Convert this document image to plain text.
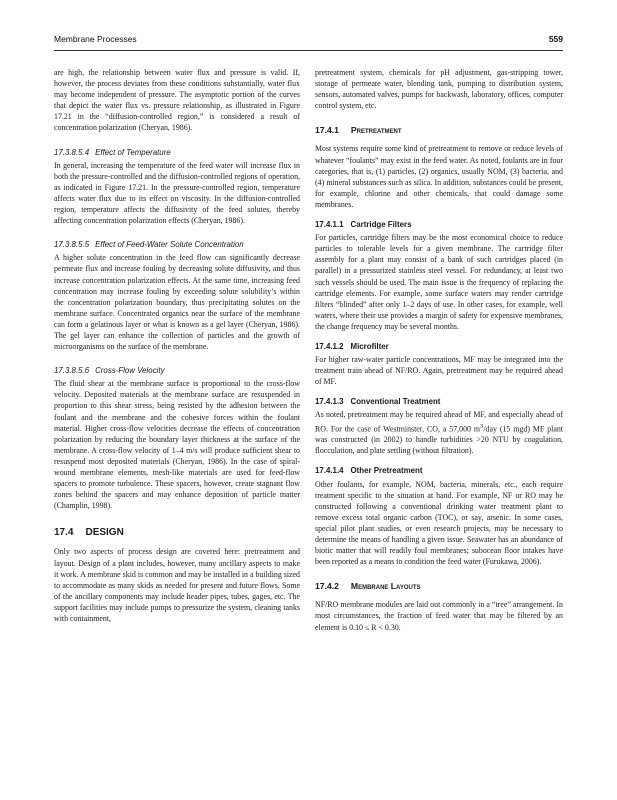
Membrane Processes	559

are high, the relationship between water flux and pressure is valid. If, however, the process deviates from these conditions substantially, water flux may become independent of pressure. The asymptotic portion of the curves that depict the water flux vs. pressure relationship, as illustrated in Figure 17.21 in the “diffusion-controlled region,” is considered a result of concentration polarization (Cheryan, 1986).

17.3.8.5.4 Effect of Temperature

In general, increasing the temperature of the feed water will increase flux in both the pressure-controlled and the diffusion-controlled regions of operation, as indicated in Figure 17.21. In the pressure-controlled region, temperature affects water flux due to its effect on viscosity. In the diffusion-controlled region, temperature affects the diffusivity of the feed solutes, thereby affecting concentration polarization effects (Cheryan, 1986).

17.3.8.5.5 Effect of Feed-Water Solute Concentration

A higher solute concentration in the feed flow can significantly decrease permeate flux and increase fouling by decreasing solute diffusivity, and thus increase concentration polarization effects. At the same time, increasing feed concentration may increase fouling by exceeding solute solubility’s within the concentration polarization boundary, thus precipitating solutes on the membrane surface. Concentrated organics near the surface of the membrane can form a gelatinous layer or what is known as a gel layer (Cheryan, 1986). The gel layer can enhance the collection of particles and the growth of microorganisms on the surface of the membrane.

17.3.8.5.6 Cross-Flow Velocity

The fluid shear at the membrane surface is proportional to the cross-flow velocity. Deposited materials at the membrane surface are resuspended in proportion to this shear stress, being resisted by the adhesion between the foulant and the membrane and the cohesive forces within the foulant material. Higher cross-flow velocities decrease the effects of concentration polarization by reducing the boundary layer thickness at the surface of the membrane. A cross-flow velocity of 1–4 m/s will produce sufficient shear to resuspend most deposited materials (Cheryan, 1986). In the case of spiral-wound membrane elements, mesh-like materials are used for feed-flow spacers to promote turbulence. These spacers, however, create stagnant flow zones behind the spacers and may enhance deposition of particle matter (Champlin, 1998).

17.4 DESIGN

Only two aspects of process design are covered here: pretreatment and layout. Design of a plant includes, however, many ancillary aspects to make it work. A membrane skid is common and may be installed in a building sized to accommodate as many skids as needed for present and future flows. Some of the ancillary components may include header pipes, tubes, gages, etc. The support facilities may include pumps to pressurize the system, cleaning tanks with containment,

pretreatment system, chemicals for pH adjustment, gas-stripping tower, storage of permeate water, blending tank, pumping to distribution system, sensors, automated valves, pumps for backwash, laboratory, offices, computer control system, etc.

17.4.1 Pretreatment

Most systems require some kind of pretreatment to remove or reduce levels of whatever “foulants” may exist in the feed water. As noted, foulants are in four categories, that is, (1) particles, (2) organics, usually NOM, (3) bacteria, and (4) mineral substances such as silica. In addition, substances could be present, for example, chlorine and other chemicals, that could damage some membranes.

17.4.1.1 Cartridge Filters

For particles, cartridge filters may be the most economical choice to reduce particles to tolerable levels for a given membrane. The cartridge filter assembly for a plant may consist of a bank of such cartridges placed (in parallel) in a pressurized stainless steel vessel. For redundancy, at least two such vessels should be used. The main issue is the frequency of replacing the cartridge elements. For example, some surface waters may render cartridge filters “blinded” after only 1–2 days of use. In other cases, for example, well waters, where their use provides a margin of safety for expensive membranes, the change frequency may be several months.

17.4.1.2 Microfilter

For higher raw-water particle concentrations, MF may be integrated into the treatment train ahead of NF/RO. Again, pretreatment may be required ahead of MF.

17.4.1.3 Conventional Treatment

As noted, pretreatment may be required ahead of MF, and especially ahead of RO. For the case of Westminster, CO, a 57,000 $m^3$/day (15 mgd) MF plant was constructed (in 2002) to handle turbidities >20 NTU by coagulation, flocculation, and plate settling (without filtration).

17.4.1.4 Other Pretreatment

Other foulants, for example, NOM, bacteria, minerals, etc., each require treatment specific to the situation at hand. For example, NF or RO may be constructed following a conventional drinking water treatment plant to remove excess total organic carbon (TOC), or say, arsenic. In some cases, special pilot plant studies, or even research projects, may be necessary to determine the means of handling a given issue. Seawater has an abundance of biotic matter that will readily foul membranes; subocean floor intakes have been reported as a means to condition the feed water (Furukawa, 2006).

17.4.2 Membrane Layouts

NF/RO membrane modules are laid out commonly in a “tree” arrangement. In most circumstances, the fraction of feed water that may be filtered by an element is 0.10 ≤ R < 0.30.
